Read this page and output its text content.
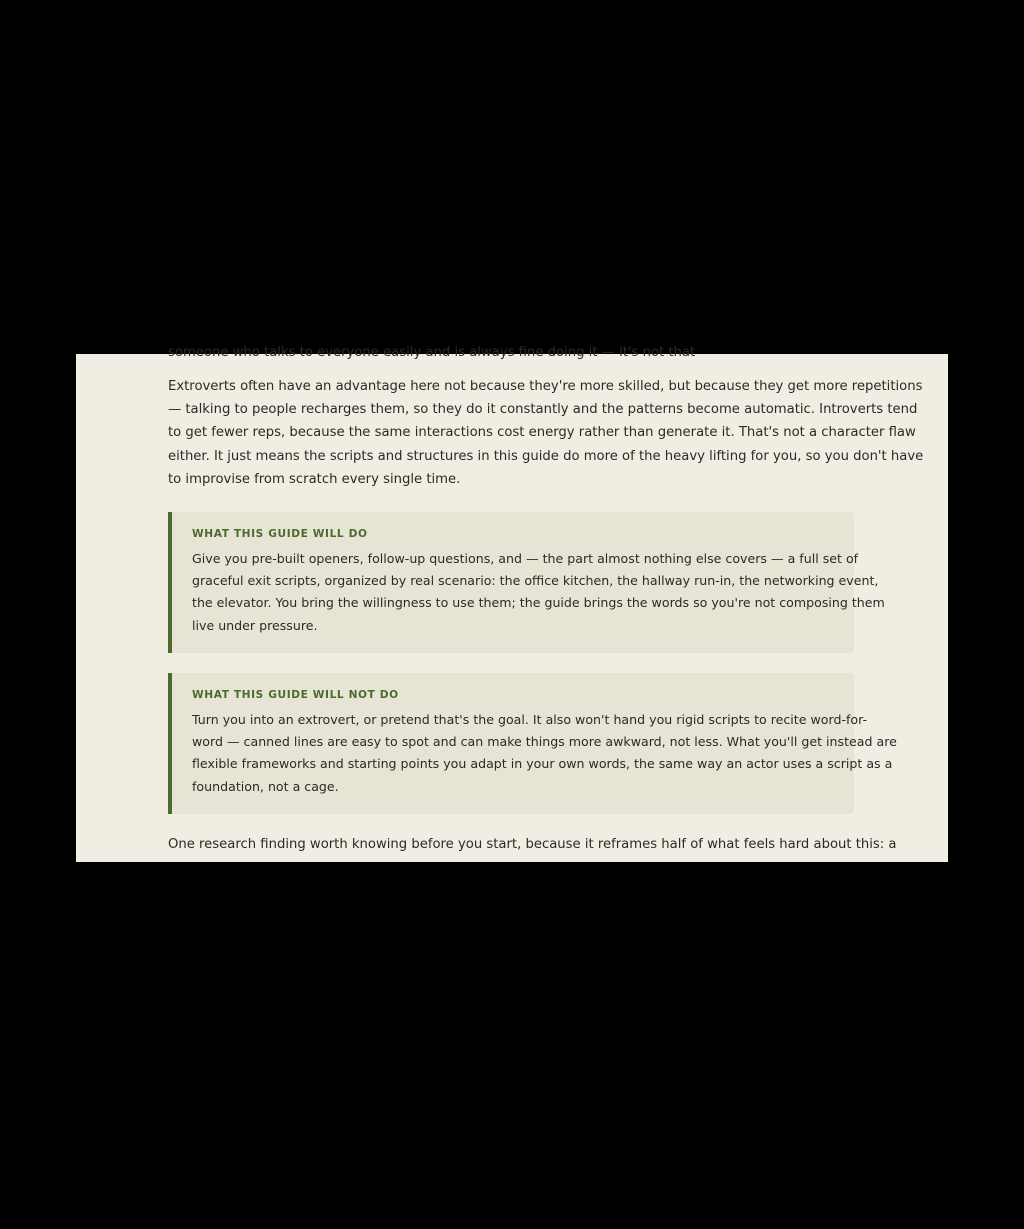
someone who talks to everyone easily and is always fine doing it — it's not that

Extroverts often have an advantage here not because they're more skilled, but because they get more repetitions
— talking to people recharges them, so they do it constantly and the patterns become automatic. Introverts tend
to get fewer reps, because the same interactions cost energy rather than generate it. That's not a character flaw
either. It just means the scripts and structures in this guide do more of the heavy lifting for you, so you don't have
to improvise from scratch every single time.

WHAT THIS GUIDE WILL DO

Give you pre-built openers, follow-up questions, and — the part almost nothing else covers — a full set of
graceful exit scripts, organized by real scenario: the office kitchen, the hallway run-in, the networking event,
the elevator. You bring the willingness to use them; the guide brings the words so you're not composing them
live under pressure.

WHAT THIS GUIDE WILL NOT DO

Turn you into an extrovert, or pretend that's the goal. It also won't hand you rigid scripts to recite word-for-
word — canned lines are easy to spot and can make things more awkward, not less. What you'll get instead are
flexible frameworks and starting points you adapt in your own words, the same way an actor uses a script as a
foundation, not a cage.

One research finding worth knowing before you start, because it reframes half of what feels hard about this: a
